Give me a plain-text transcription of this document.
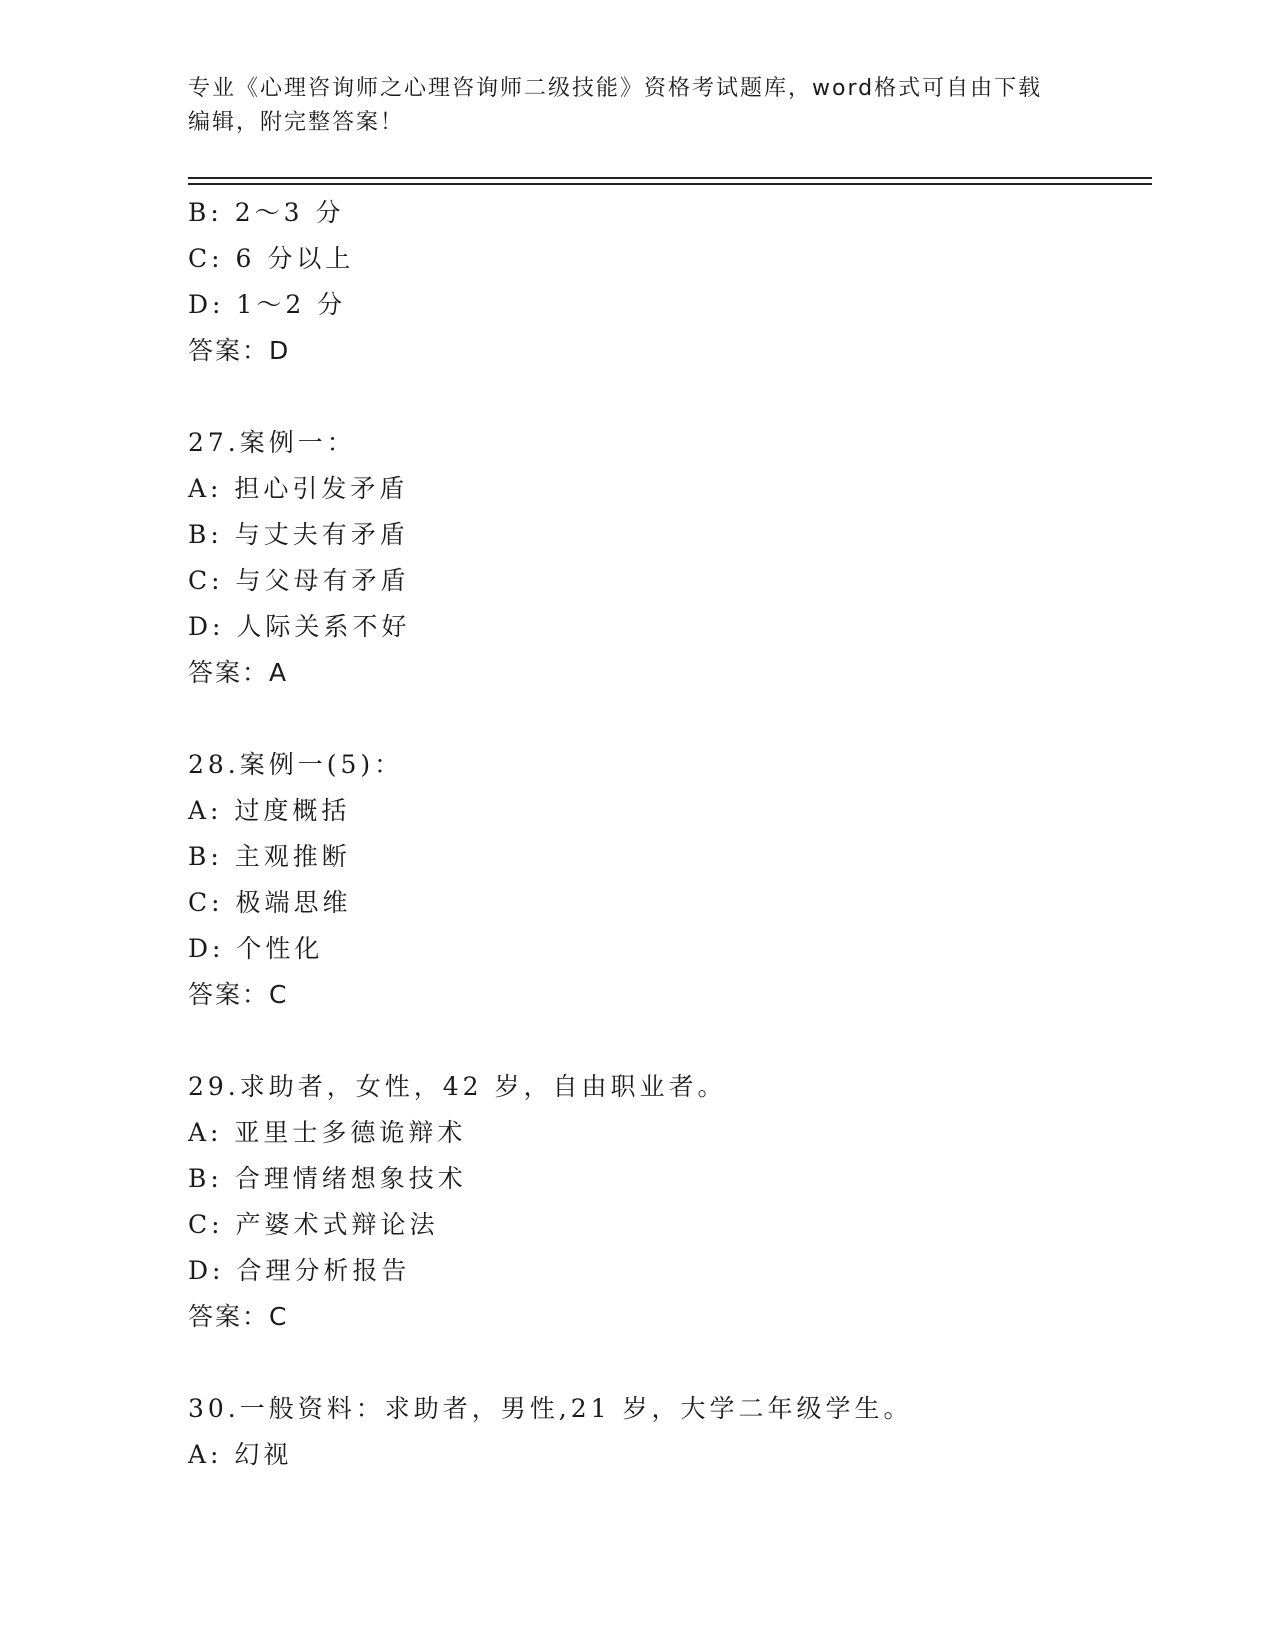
专业《心理咨询师之心理咨询师二级技能》资格考试题库，word格式可自由下载
编辑，附完整答案！
B: 2～3 分
C: 6 分以上
D: 1～2 分
答案：D
27.案例一：
A: 担心引发矛盾
B: 与丈夫有矛盾
C: 与父母有矛盾
D: 人际关系不好
答案：A
28.案例一(5)：
A: 过度概括
B: 主观推断
C: 极端思维
D: 个性化
答案：C
29.求助者，女性，42 岁，自由职业者。
A: 亚里士多德诡辩术
B: 合理情绪想象技术
C: 产婆术式辩论法
D: 合理分析报告
答案：C
30.一般资料：求助者，男性,21 岁，大学二年级学生。
A: 幻视
